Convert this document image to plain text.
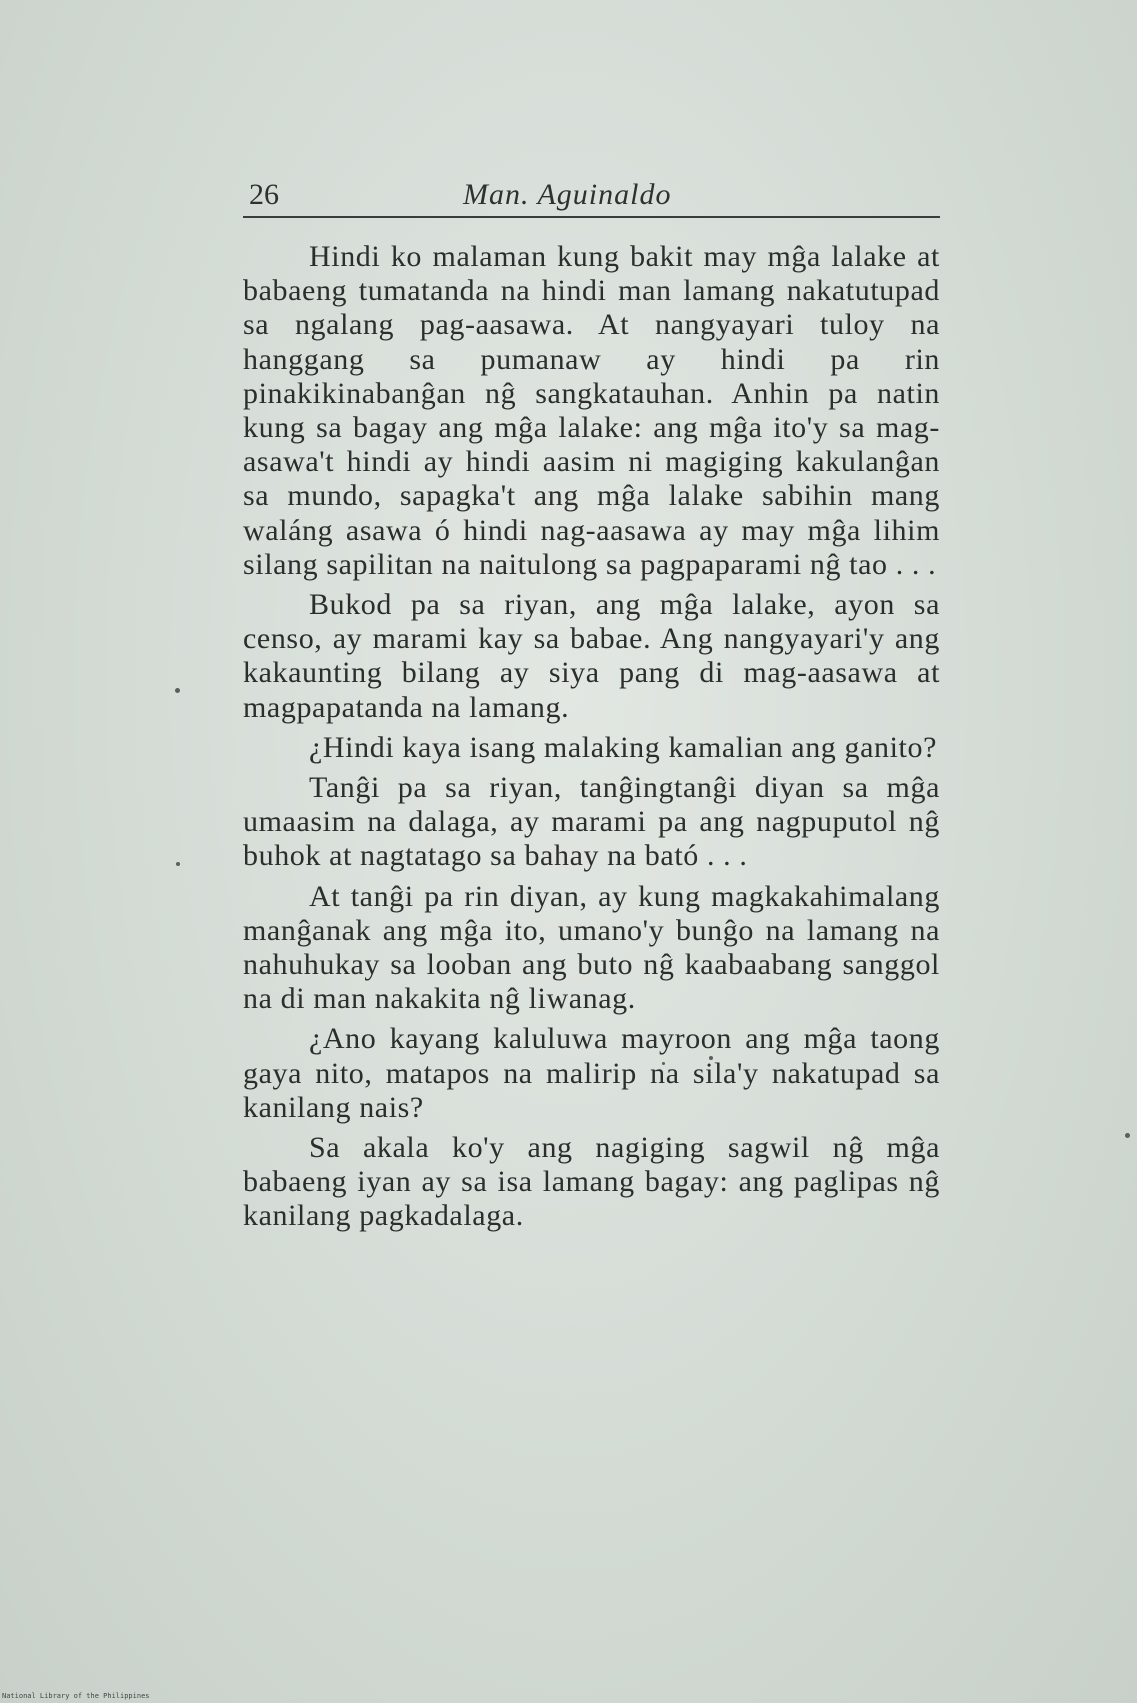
26	Man. Aguinaldo

Hindi ko malaman kung bakit may mĝa lalake at babaeng tumatanda na hindi man lamang nakatutupad sa ngalang pag-aasawa. At nangyayari tuloy na hanggang sa pumanaw ay hindi pa rin pinakikinabanĝan nĝ sangkatauhan. Anhin pa natin kung sa bagay ang mĝa lalake: ang mĝa ito'y sa mag-asawa't hindi ay hindi aasim ni magiging kakulanĝan sa mundo, sapagka't ang mĝa lalake sabihin mang waláng asawa ó hindi nag-aasawa ay may mĝa lihim silang sapilitan na naitulong sa pagpaparami nĝ tao . . .

Bukod pa sa riyan, ang mĝa lalake, ayon sa censo, ay marami kay sa babae. Ang nangyayari'y ang kakaunting bilang ay siya pang di mag-aasawa at magpapatanda na lamang.

¿Hindi kaya isang malaking kamalian ang ganito?

Tanĝi pa sa riyan, tanĝingtanĝi diyan sa mĝa umaasim na dalaga, ay marami pa ang nagpuputol nĝ buhok at nagtatago sa bahay na bató . . .

At tanĝi pa rin diyan, ay kung magkakahimalang manĝanak ang mĝa ito, umano'y bunĝo na lamang na nahuhukay sa looban ang buto nĝ kaabaabang sanggol na di man nakakita nĝ liwanag.

¿Ano kayang kaluluwa mayroon ang mĝa taong gaya nito, matapos na malirip na sila'y nakatupad sa kanilang nais?

Sa akala ko'y ang nagiging sagwil nĝ mĝa babaeng iyan ay sa isa lamang bagay: ang paglipas nĝ kanilang pagkadalaga.

National Library of the Philippines
